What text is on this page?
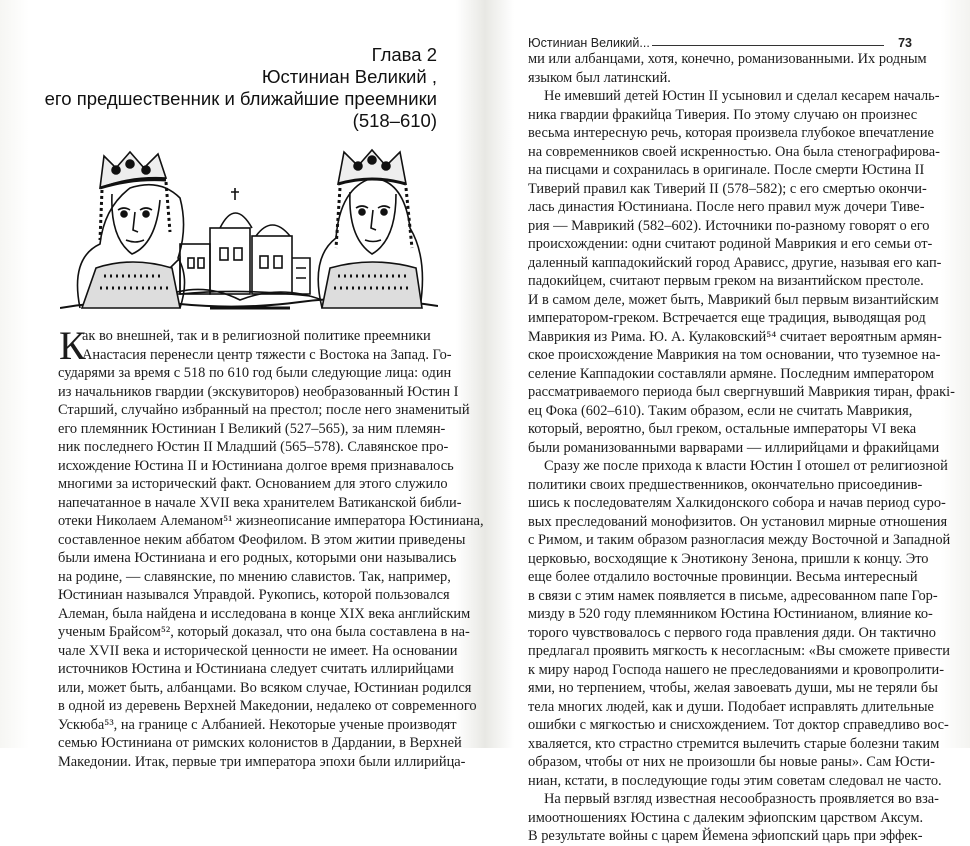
Глава 2
Юстиниан Великий ,
его предшественник и ближайшие преемники
(518–610)
К
ак во внешней, так и в религиозной политике преемники
Анастасия перенесли центр тяжести с Востока на Запад. Го-
сударями за время с 518 по 610 год были следующие лица: один
из начальников гвардии (экскувиторов) необразованный Юстин I
Старший, случайно избранный на престол; после него знаменитый
его племянник Юстиниан I Великий (527–565), за ним племян-
ник последнего Юстин II Младший (565–578). Славянское про-
исхождение Юстина II и Юстиниана долгое время признавалось
многими за исторический факт. Основанием для этого служило
напечатанное в начале XVII века хранителем Ватиканской библи-
отеки Николаем Алеманом⁵¹ жизнеописание императора Юстиниана,
составленное неким аббатом Феофилом. В этом житии приведены
были имена Юстиниана и его родных, которыми они назывались
на родине, — славянские, по мнению славистов. Так, например,
Юстиниан назывался Управдой. Рукопись, которой пользовался
Алеман, была найдена и исследована в конце XIX века английским
ученым Брайсом⁵², который доказал, что она была составлена в на-
чале XVII века и исторической ценности не имеет. На основании
источников Юстина и Юстиниана следует считать иллирийцами
или, может быть, албанцами. Во всяком случае, Юстиниан родился
в одной из деревень Верхней Македонии, недалеко от современного
Ускюба⁵³, на границе с Албанией. Некоторые ученые производят
семью Юстиниана от римских колонистов в Дардании, в Верхней
Македонии. Итак, первые три императора эпохи были иллирийца-
Юстиниан Великий...	73
ми или албанцами, хотя, конечно, романизованными. Их родным
языком был латинский.
Не имевший детей Юстин II усыновил и сделал кесарем началь-
ника гвардии фракийца Тиверия. По этому случаю он произнес
весьма интересную речь, которая произвела глубокое впечатление
на современников своей искренностью. Она была стенографирова-
на писцами и сохранилась в оригинале. После смерти Юстина II
Тиверий правил как Тиверий II (578–582); с его смертью окончи-
лась династия Юстиниана. После него правил муж дочери Тиве-
рия — Маврикий (582–602). Источники по-разному говорят о его
происхождении: одни считают родиной Маврикия и его семьи от-
даленный каппадокийский город Арависс, другие, называя его кап-
падокийцем, считают первым греком на византийском престоле.
И в самом деле, может быть, Маврикий был первым византийским
императором-греком. Встречается еще традиция, выводящая род
Маврикия из Рима. Ю. А. Кулаковский⁵⁴ считает вероятным армян-
ское происхождение Маврикия на том основании, что туземное на-
селение Каппадокии составляли армяне. Последним императором
рассматриваемого периода был свергнувший Маврикия тиран, фракі-
ец Фока (602–610). Таким образом, если не считать Маврикия,
который, вероятно, был греком, остальные императоры VI века
были романизованными варварами — иллирийцами и фракийцами
Сразу же после прихода к власти Юстин I отошел от религиозной
политики своих предшественников, окончательно присоединив-
шись к последователям Халкидонского собора и начав период суро-
вых преследований монофизитов. Он установил мирные отношения
с Римом, и таким образом разногласия между Восточной и Западной
церковью, восходящие к Энотикону Зенона, пришли к концу. Это
еще более отдалило восточные провинции. Весьма интересный
в связи с этим намек появляется в письме, адресованном папе Гор-
мизду в 520 году племянником Юстина Юстинианом, влияние ко-
торого чувствовалось с первого года правления дяди. Он тактично
предлагал проявить мягкость к несогласным: «Вы сможете привести
к миру народ Господа нашего не преследованиями и кровопролити-
ями, но терпением, чтобы, желая завоевать души, мы не теряли бы
тела многих людей, как и души. Подобает исправлять длительные
ошибки с мягкостью и снисхождением. Тот доктор справедливо вос-
хваляется, кто страстно стремится вылечить старые болезни таким
образом, чтобы от них не произошли бы новые раны». Сам Юсти-
ниан, кстати, в последующие годы этим советам следовал не часто.
На первый взгляд известная несообразность проявляется во вза-
имоотношениях Юстина с далеким эфиопским царством Аксум.
В результате войны с царем Йемена эфиопский царь при эффек-
